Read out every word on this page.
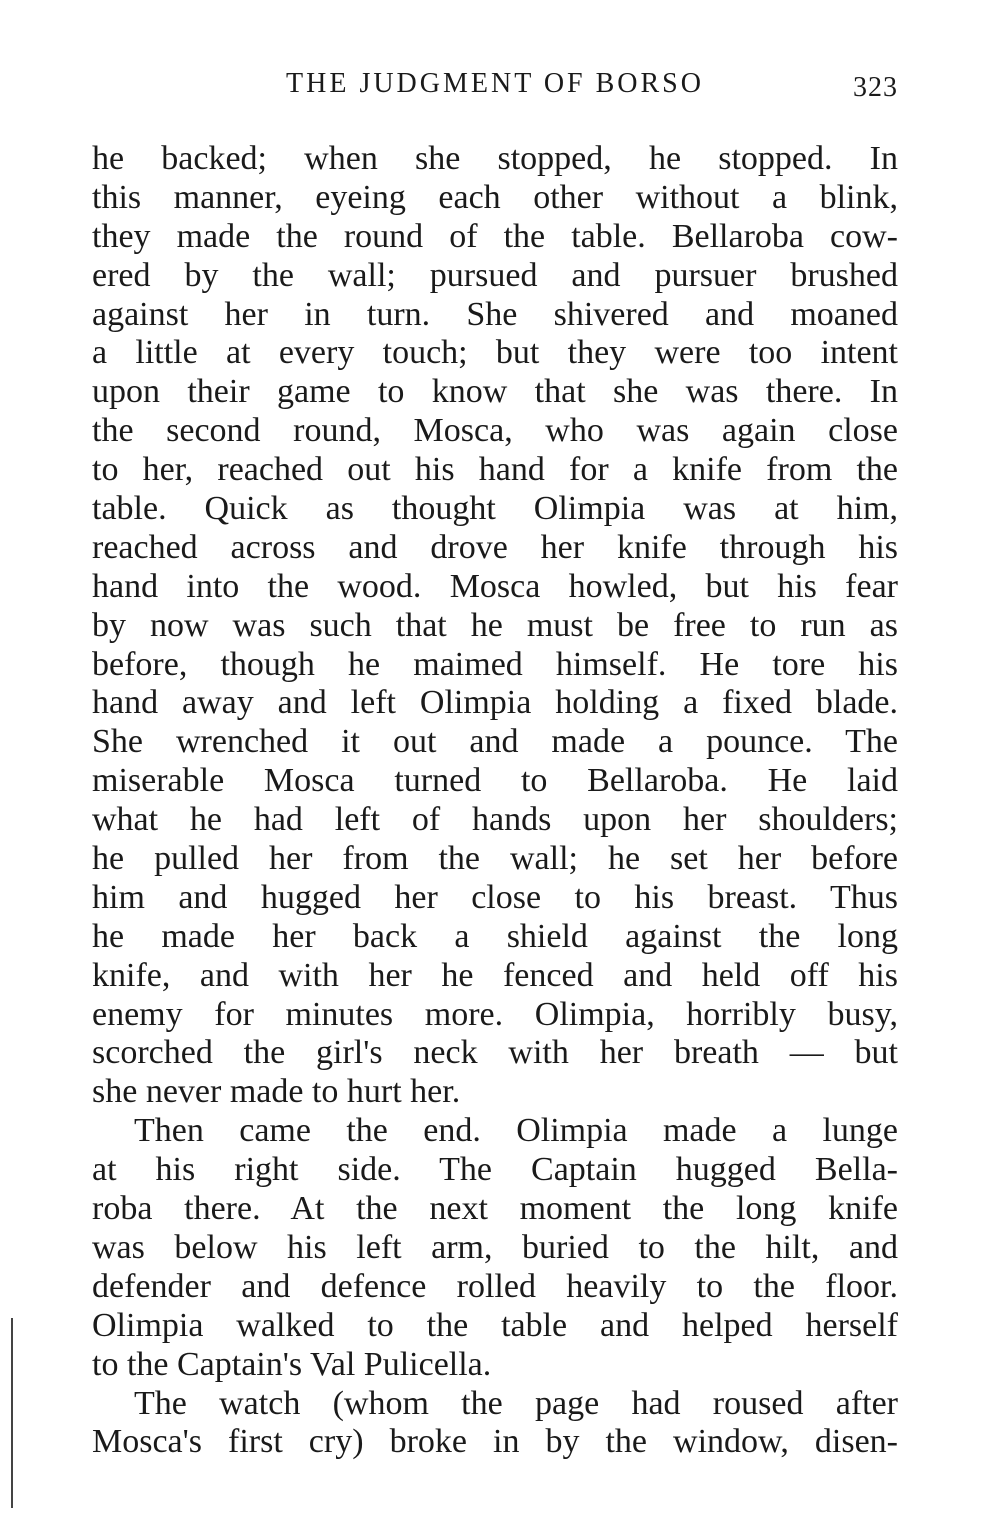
THE JUDGMENT OF BORSO	323
he backed; when she stopped, he stopped. In
this manner, eyeing each other without a blink,
they made the round of the table. Bellaroba cow-
ered by the wall; pursued and pursuer brushed
against her in turn. She shivered and moaned
a little at every touch; but they were too intent
upon their game to know that she was there. In
the second round, Mosca, who was again close
to her, reached out his hand for a knife from the
table. Quick as thought Olimpia was at him,
reached across and drove her knife through his
hand into the wood. Mosca howled, but his fear
by now was such that he must be free to run as
before, though he maimed himself. He tore his
hand away and left Olimpia holding a fixed blade.
She wrenched it out and made a pounce. The
miserable Mosca turned to Bellaroba. He laid
what he had left of hands upon her shoulders;
he pulled her from the wall; he set her before
him and hugged her close to his breast. Thus
he made her back a shield against the long
knife, and with her he fenced and held off his
enemy for minutes more. Olimpia, horribly busy,
scorched the girl's neck with her breath — but
she never made to hurt her.
Then came the end. Olimpia made a lunge
at his right side. The Captain hugged Bella-
roba there. At the next moment the long knife
was below his left arm, buried to the hilt, and
defender and defence rolled heavily to the floor.
Olimpia walked to the table and helped herself
to the Captain's Val Pulicella.
The watch (whom the page had roused after
Mosca's first cry) broke in by the window, disen-
